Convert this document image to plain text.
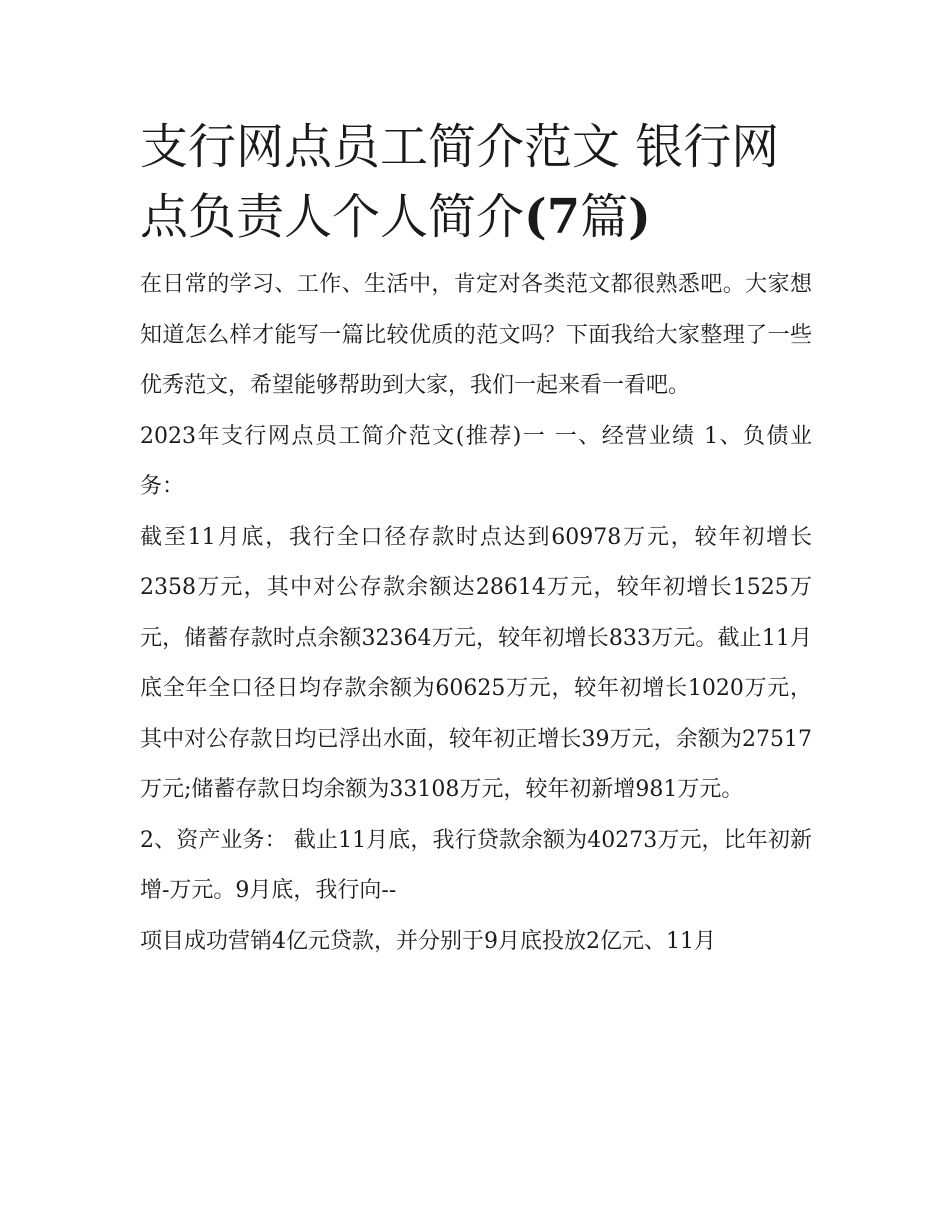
支行网点员工简介范文 银行网点负责人个人简介(7篇)

在日常的学习、工作、生活中，肯定对各类范文都很熟悉吧。大家想知道怎么样才能写一篇比较优质的范文吗？下面我给大家整理了一些优秀范文，希望能够帮助到大家，我们一起来看一看吧。

2023年支行网点员工简介范文(推荐)一 一、经营业绩 1、负债业务：

截至11月底，我行全口径存款时点达到60978万元，较年初增长2358万元，其中对公存款余额达28614万元，较年初增长1525万元，储蓄存款时点余额32364万元，较年初增长833万元。截止11月底全年全口径日均存款余额为60625万元，较年初增长1020万元，其中对公存款日均已浮出水面，较年初正增长39万元，余额为27517万元;储蓄存款日均余额为33108万元，较年初新增981万元。

2、资产业务： 截止11月底，我行贷款余额为40273万元，比年初新增-万元。9月底，我行向--

项目成功营销4亿元贷款，并分别于9月底投放2亿元、11月
